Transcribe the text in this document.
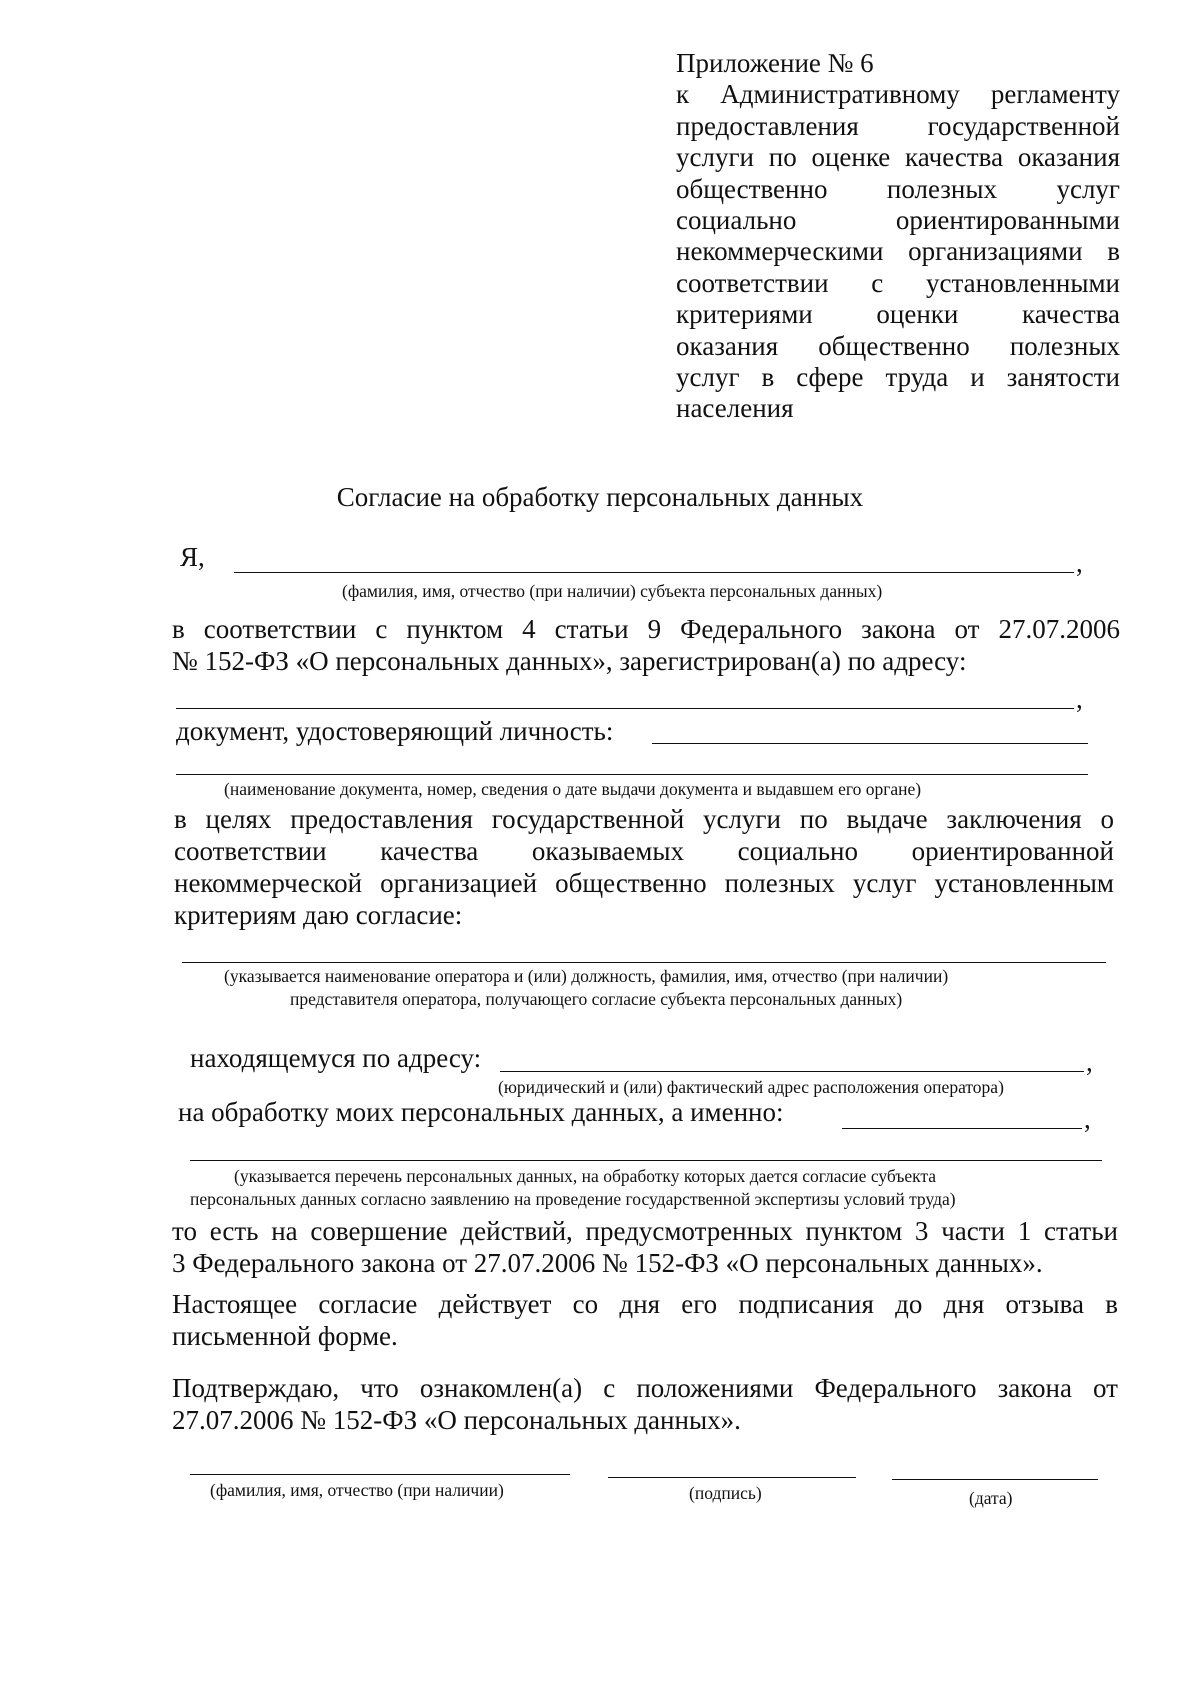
Приложение № 6
к Административному регламенту
предоставления государственной
услуги по оценке качества оказания
общественно полезных услуг
социально ориентированными
некоммерческими организациями в
соответствии с установленными
критериями оценки качества
оказания общественно полезных
услуг в сфере труда и занятости
населения
Согласие на обработку персональных данных
Я,	,
(фамилия, имя, отчество (при наличии) субъекта персональных данных)
в соответствии с пунктом 4 статьи 9 Федерального закона от 27.07.2006
№ 152-ФЗ «О персональных данных», зарегистрирован(а) по адресу:
,
документ, удостоверяющий личность:
(наименование документа, номер, сведения о дате выдачи документа и выдавшем его органе)
в целях предоставления государственной услуги по выдаче заключения о
соответствии качества оказываемых социально ориентированной
некоммерческой организацией общественно полезных услуг установленным
критериям даю согласие:
(указывается наименование оператора и (или) должность, фамилия, имя, отчество (при наличии)
представителя оператора, получающего согласие субъекта персональных данных)
находящемуся по адресу:	,
(юридический и (или) фактический адрес расположения оператора)
на обработку моих персональных данных, а именно:	,
(указывается перечень персональных данных, на обработку которых дается согласие субъекта
персональных данных согласно заявлению на проведение государственной экспертизы условий труда)
то есть на совершение действий, предусмотренных пунктом 3 части 1 статьи
3 Федерального закона от 27.07.2006 № 152-ФЗ «О персональных данных».
Настоящее согласие действует со дня его подписания до дня отзыва в
письменной форме.
Подтверждаю, что ознакомлен(а) с положениями Федерального закона от
27.07.2006 № 152-ФЗ «О персональных данных».
(фамилия, имя, отчество (при наличии)	(подпись)	(дата)
